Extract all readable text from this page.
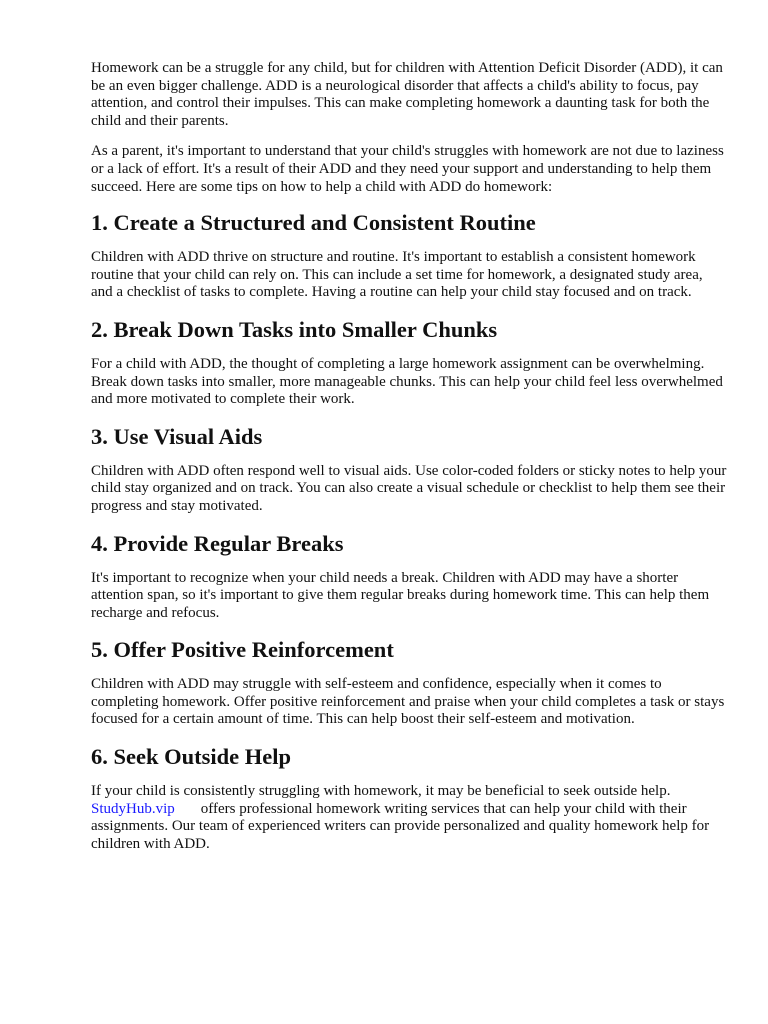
Homework can be a struggle for any child, but for children with Attention Deficit Disorder (ADD), it can be an even bigger challenge. ADD is a neurological disorder that affects a child's ability to focus, pay attention, and control their impulses. This can make completing homework a daunting task for both the child and their parents.

As a parent, it's important to understand that your child's struggles with homework are not due to laziness or a lack of effort. It's a result of their ADD and they need your support and understanding to help them succeed. Here are some tips on how to help a child with ADD do homework:

1. Create a Structured and Consistent Routine

Children with ADD thrive on structure and routine. It's important to establish a consistent homework routine that your child can rely on. This can include a set time for homework, a designated study area, and a checklist of tasks to complete. Having a routine can help your child stay focused and on track.

2. Break Down Tasks into Smaller Chunks

For a child with ADD, the thought of completing a large homework assignment can be overwhelming. Break down tasks into smaller, more manageable chunks. This can help your child feel less overwhelmed and more motivated to complete their work.

3. Use Visual Aids

Children with ADD often respond well to visual aids. Use color-coded folders or sticky notes to help your child stay organized and on track. You can also create a visual schedule or checklist to help them see their progress and stay motivated.

4. Provide Regular Breaks

It's important to recognize when your child needs a break. Children with ADD may have a shorter attention span, so it's important to give them regular breaks during homework time. This can help them recharge and refocus.

5. Offer Positive Reinforcement

Children with ADD may struggle with self-esteem and confidence, especially when it comes to completing homework. Offer positive reinforcement and praise when your child completes a task or stays focused for a certain amount of time. This can help boost their self-esteem and motivation.

6. Seek Outside Help

If your child is consistently struggling with homework, it may be beneficial to seek outside help.
StudyHub.vip offers professional homework writing services that can help your child with their assignments. Our team of experienced writers can provide personalized and quality homework help for children with ADD.
